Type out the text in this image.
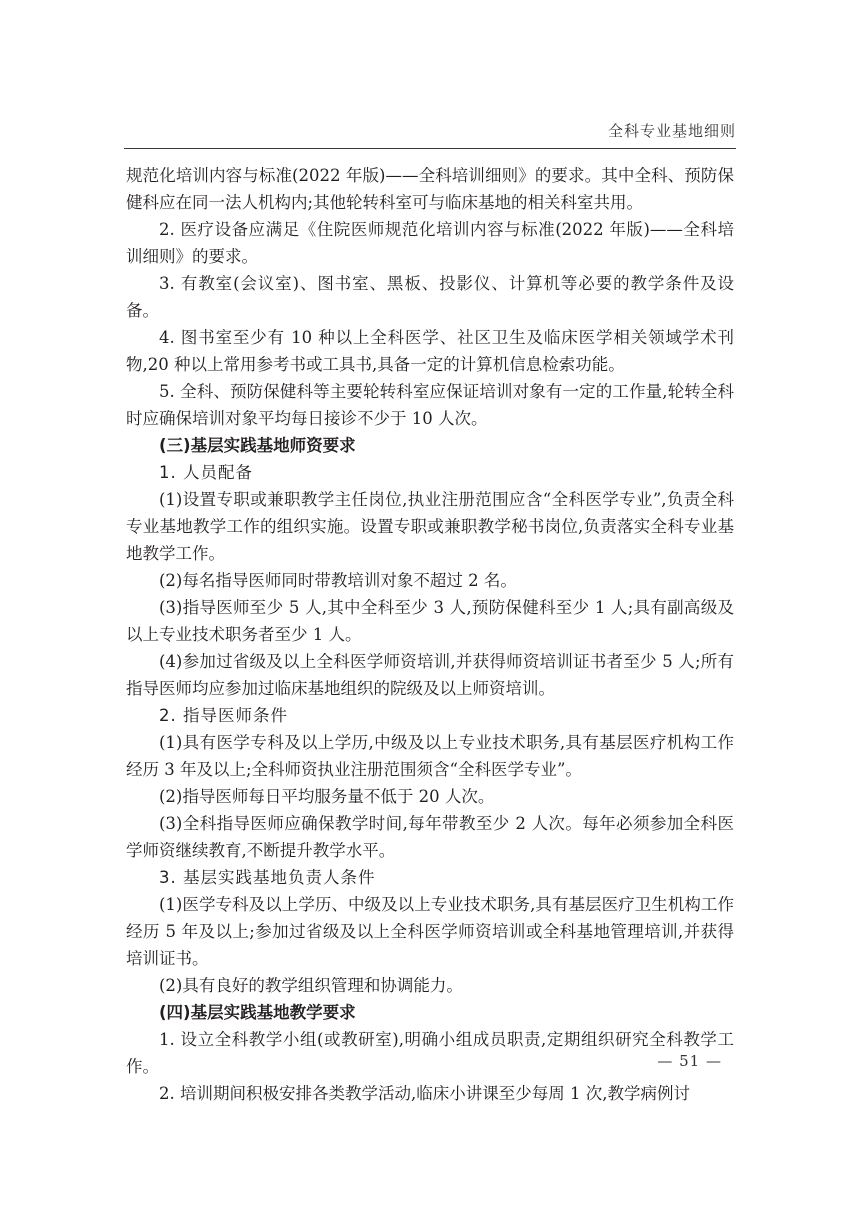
全科专业基地细则

规范化培训内容与标准(2022 年版)——全科培训细则》的要求。其中全科、预防保健科应在同一法人机构内;其他轮转科室可与临床基地的相关科室共用。

2. 医疗设备应满足《住院医师规范化培训内容与标准(2022 年版)——全科培训细则》的要求。

3. 有教室(会议室)、图书室、黑板、投影仪、计算机等必要的教学条件及设备。

4. 图书室至少有 10 种以上全科医学、社区卫生及临床医学相关领域学术刊物,20 种以上常用参考书或工具书,具备一定的计算机信息检索功能。

5. 全科、预防保健科等主要轮转科室应保证培训对象有一定的工作量,轮转全科时应确保培训对象平均每日接诊不少于 10 人次。

(三)基层实践基地师资要求

1. 人员配备

(1)设置专职或兼职教学主任岗位,执业注册范围应含“全科医学专业”,负责全科专业基地教学工作的组织实施。设置专职或兼职教学秘书岗位,负责落实全科专业基地教学工作。

(2)每名指导医师同时带教培训对象不超过 2 名。

(3)指导医师至少 5 人,其中全科至少 3 人,预防保健科至少 1 人;具有副高级及以上专业技术职务者至少 1 人。

(4)参加过省级及以上全科医学师资培训,并获得师资培训证书者至少 5 人;所有指导医师均应参加过临床基地组织的院级及以上师资培训。

2. 指导医师条件

(1)具有医学专科及以上学历,中级及以上专业技术职务,具有基层医疗机构工作经历 3 年及以上;全科师资执业注册范围须含“全科医学专业”。

(2)指导医师每日平均服务量不低于 20 人次。

(3)全科指导医师应确保教学时间,每年带教至少 2 人次。每年必须参加全科医学师资继续教育,不断提升教学水平。

3. 基层实践基地负责人条件

(1)医学专科及以上学历、中级及以上专业技术职务,具有基层医疗卫生机构工作经历 5 年及以上;参加过省级及以上全科医学师资培训或全科基地管理培训,并获得培训证书。

(2)具有良好的教学组织管理和协调能力。

(四)基层实践基地教学要求

1. 设立全科教学小组(或教研室),明确小组成员职责,定期组织研究全科教学工作。

2. 培训期间积极安排各类教学活动,临床小讲课至少每周 1 次,教学病例讨

— 51 —
